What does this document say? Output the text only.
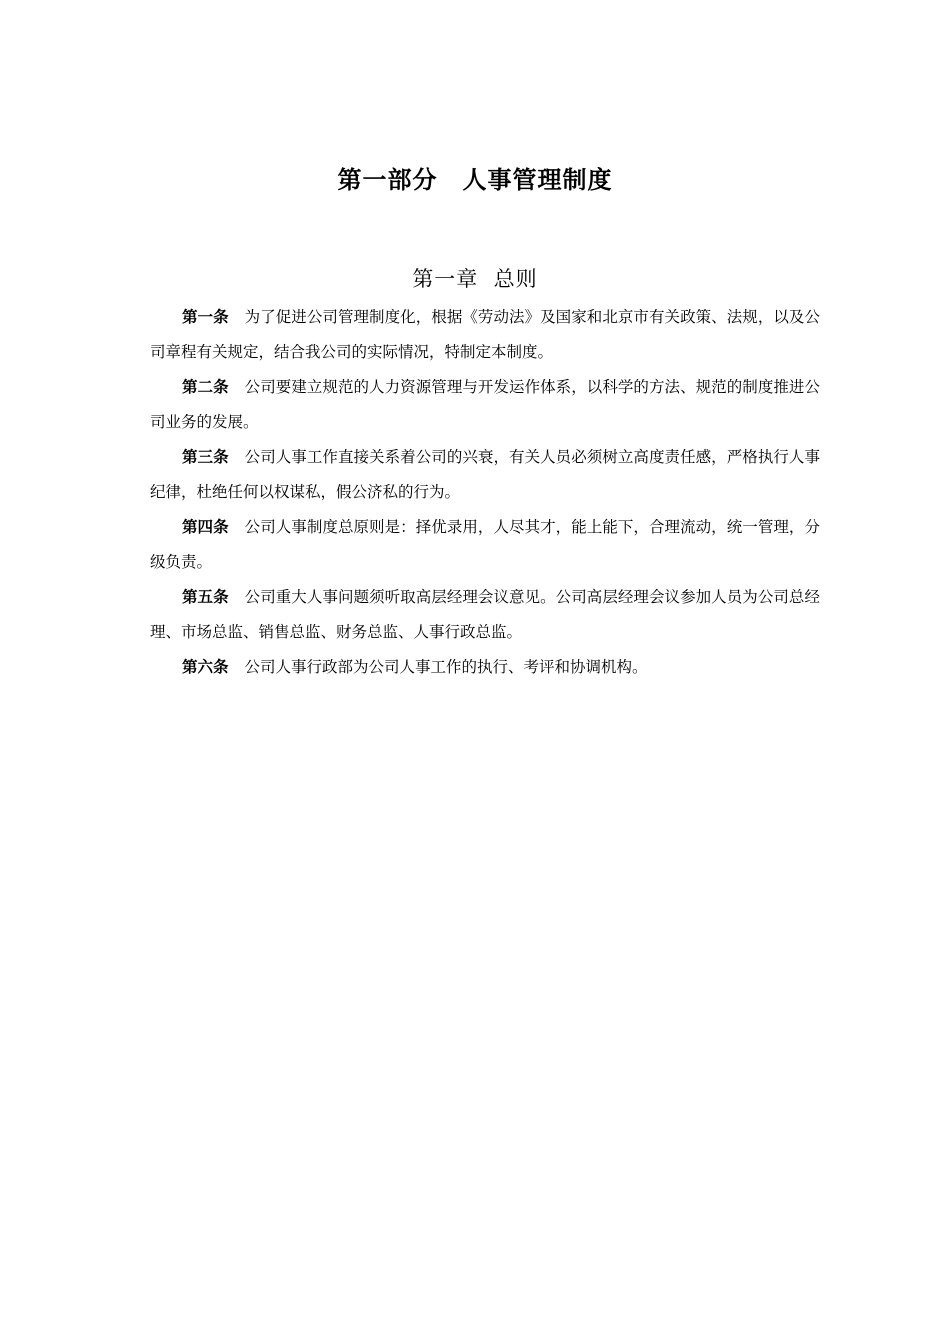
第一部分　人事管理制度
第一章  总则

第一条 为了促进公司管理制度化，根据《劳动法》及国家和北京市有关政策、法规，以及公司章程有关规定，结合我公司的实际情况，特制定本制度。

第二条 公司要建立规范的人力资源管理与开发运作体系，以科学的方法、规范的制度推进公司业务的发展。

第三条 公司人事工作直接关系着公司的兴衰，有关人员必须树立高度责任感，严格执行人事纪律，杜绝任何以权谋私，假公济私的行为。

第四条 公司人事制度总原则是：择优录用，人尽其才，能上能下，合理流动，统一管理，分级负责。

第五条 公司重大人事问题须听取高层经理会议意见。公司高层经理会议参加人员为公司总经理、市场总监、销售总监、财务总监、人事行政总监。

第六条 公司人事行政部为公司人事工作的执行、考评和协调机构。
